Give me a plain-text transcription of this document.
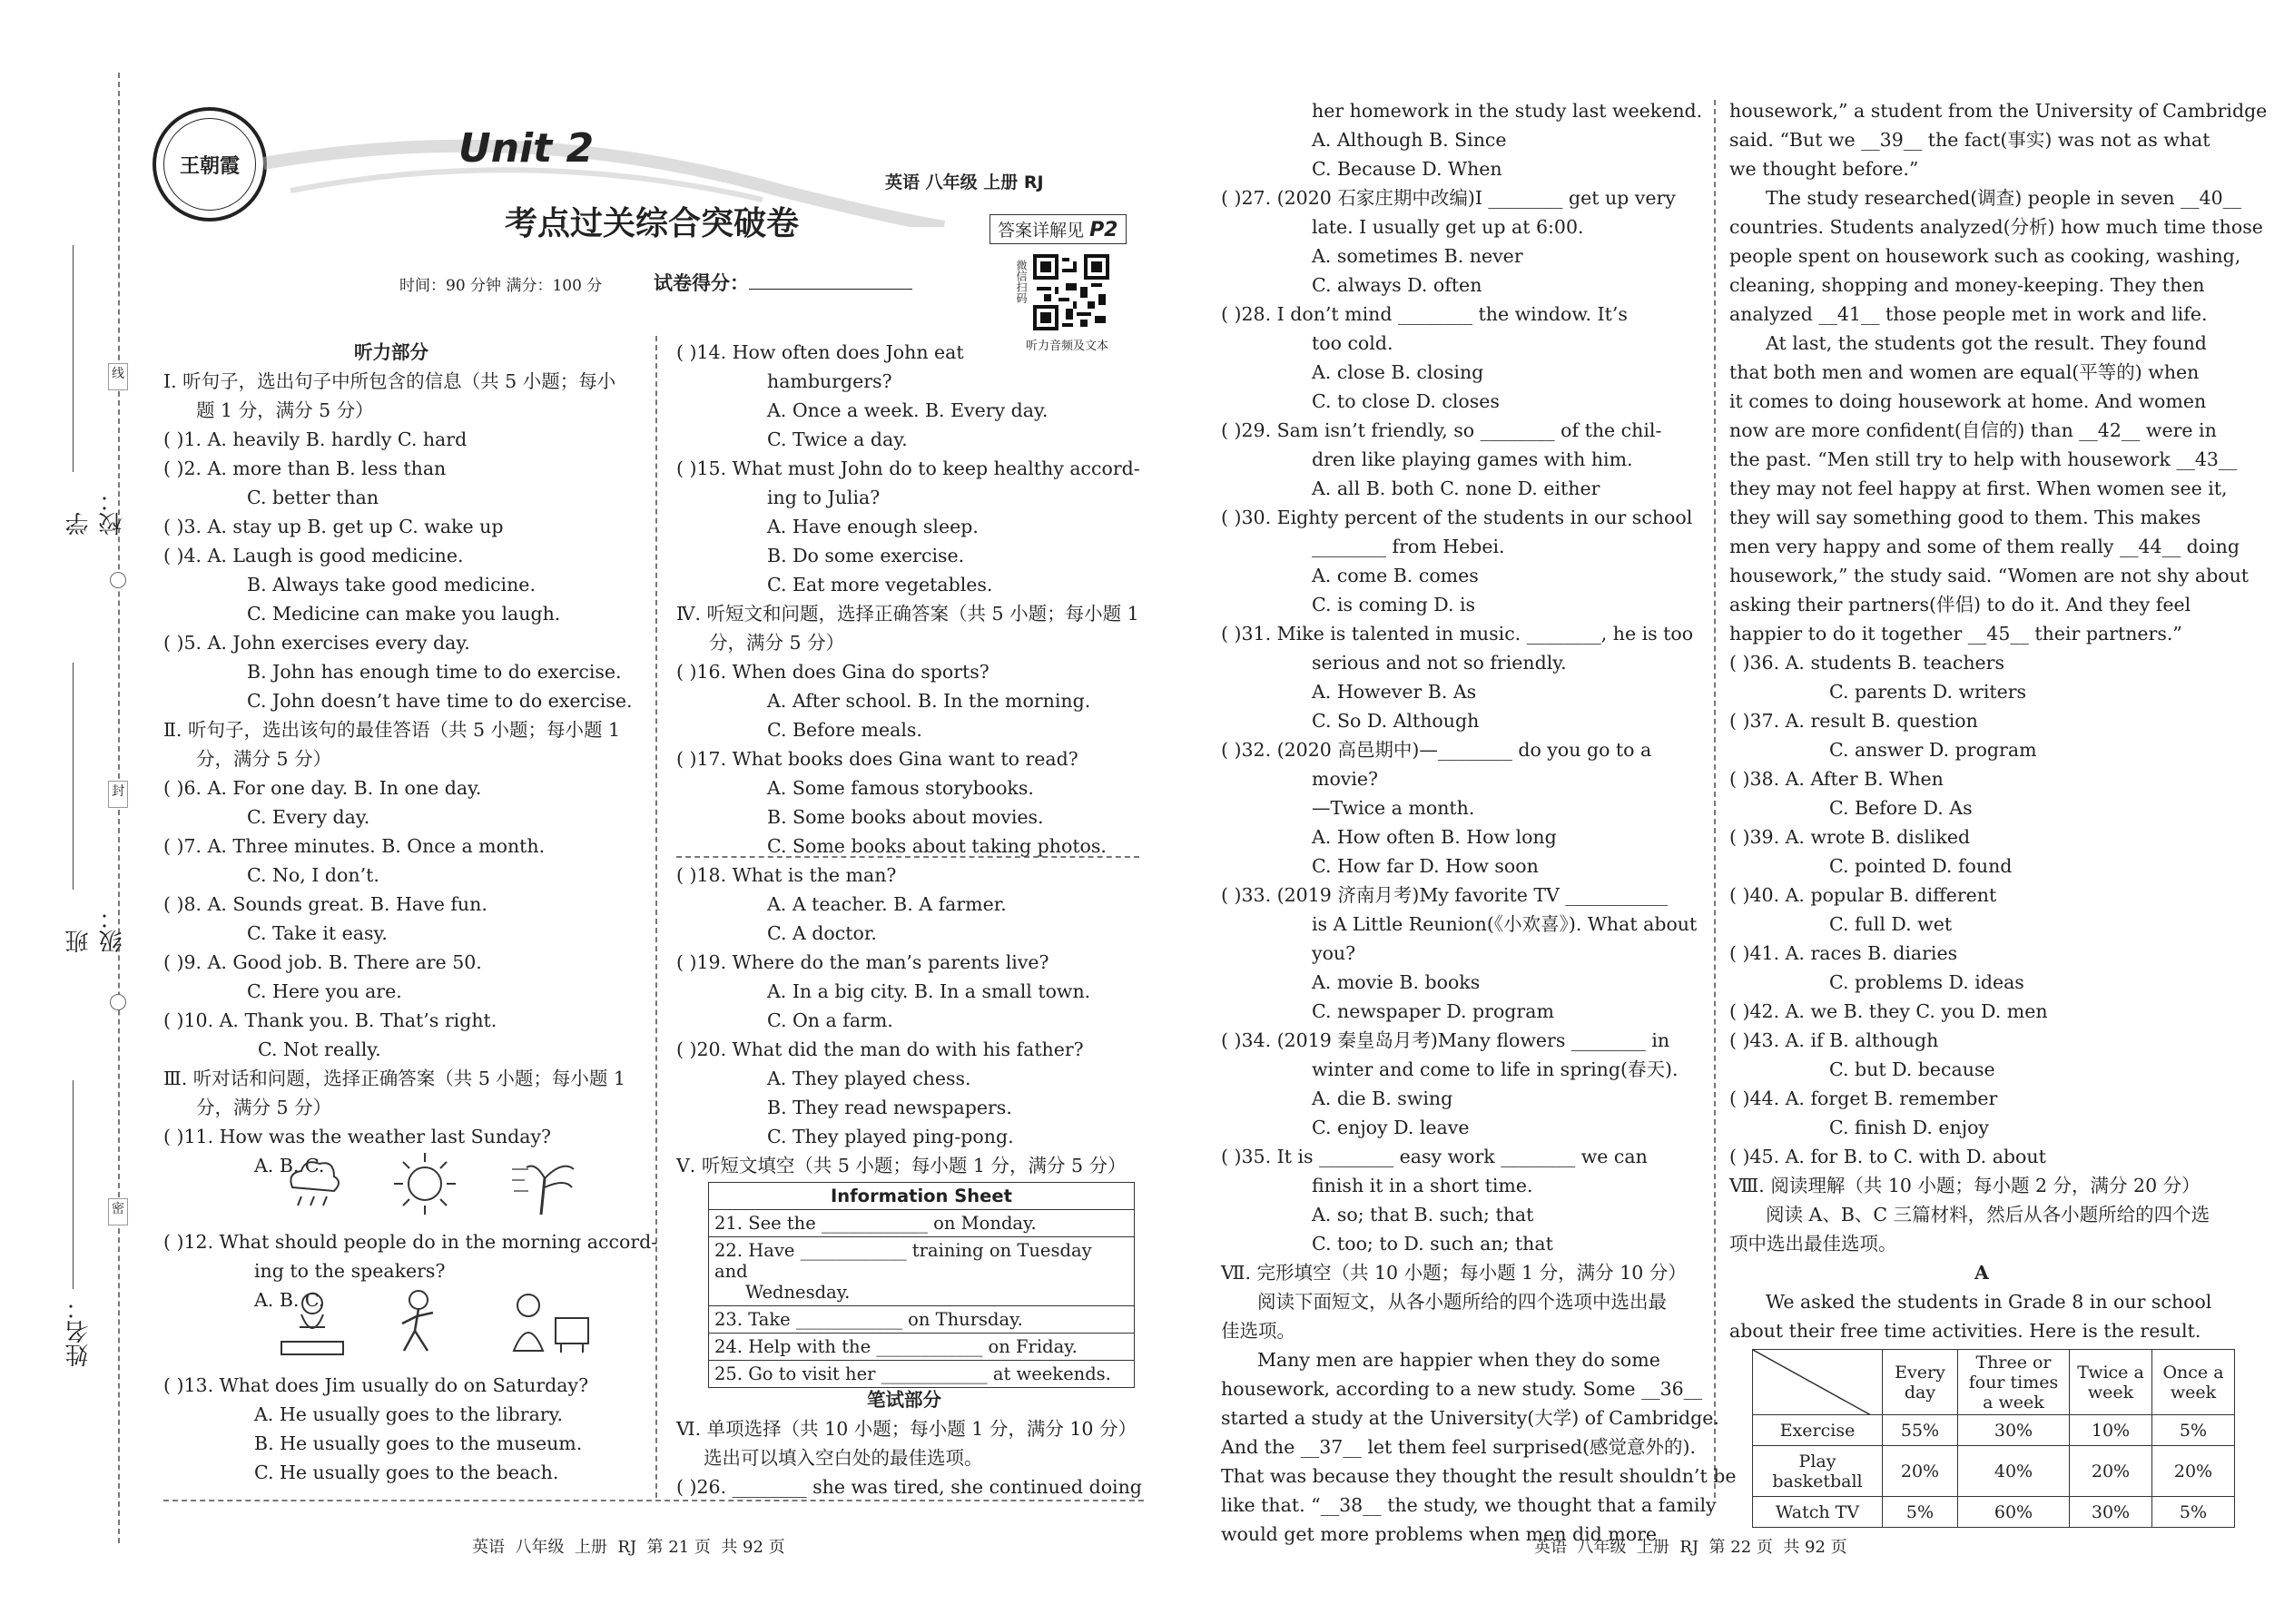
学校：
班级：
姓名：
线
封
密
王朝霞	Unit 2
英语 八年级 上册 RJ
考点过关综合突破卷	答案详解见 P2
时间：90 分钟 满分：100 分	试卷得分：	微信扫码
听力音频及文本
听力部分
Ⅰ. 听句子，选出句子中所包含的信息（共 5 小题；每小
题 1 分，满分 5 分）
( )1. A. heavily B. hardly C. hard
( )2. A. more than B. less than
C. better than
( )3. A. stay up B. get up C. wake up
( )4. A. Laugh is good medicine.
B. Always take good medicine.
C. Medicine can make you laugh.
( )5. A. John exercises every day.
B. John has enough time to do exercise.
C. John doesn’t have time to do exercise.
Ⅱ. 听句子，选出该句的最佳答语（共 5 小题；每小题 1
分，满分 5 分）
( )6. A. For one day. B. In one day.
C. Every day.
( )7. A. Three minutes. B. Once a month.
C. No, I don’t.
( )8. A. Sounds great. B. Have fun.
C. Take it easy.
( )9. A. Good job. B. There are 50.
C. Here you are.
( )10. A. Thank you. B. That’s right.
C. Not really.
Ⅲ. 听对话和问题，选择正确答案（共 5 小题；每小题 1
分，满分 5 分）
( )11. How was the weather last Sunday?
A. B. C.
( )12. What should people do in the morning accord-
ing to the speakers?
A. B. C.
( )13. What does Jim usually do on Saturday?
A. He usually goes to the library.
B. He usually goes to the museum.
C. He usually goes to the beach.
( )14. How often does John eat
hamburgers?
A. Once a week. B. Every day.
C. Twice a day.
( )15. What must John do to keep healthy accord-
ing to Julia?
A. Have enough sleep.
B. Do some exercise.
C. Eat more vegetables.
Ⅳ. 听短文和问题，选择正确答案（共 5 小题；每小题 1
分，满分 5 分）
( )16. When does Gina do sports?
A. After school. B. In the morning.
C. Before meals.
( )17. What books does Gina want to read?
A. Some famous storybooks.
B. Some books about movies.
C. Some books about taking photos.
( )18. What is the man?
A. A teacher. B. A farmer.
C. A doctor.
( )19. Where do the man’s parents live?
A. In a big city. B. In a small town.
C. On a farm.
( )20. What did the man do with his father?
A. They played chess.
B. They read newspapers.
C. They played ping-pong.
Ⅴ. 听短文填空（共 5 小题；每小题 1 分，满分 5 分）
Information Sheet
21. See the ____________ on Monday.

22. Have ____________ training on Tuesday and
Wednesday.

23. Take ____________ on Thursday.
24. Help with the ____________ on Friday.
25. Go to visit her ____________ at weekends.
笔试部分
Ⅵ. 单项选择（共 10 小题；每小题 1 分，满分 10 分）
选出可以填入空白处的最佳选项。
( )26. ________ she was tired, she continued doing
her homework in the study last weekend.
A. Although B. Since
C. Because D. When
( )27. (2020 石家庄期中改编)I ________ get up very
late. I usually get up at 6:00.
A. sometimes B. never
C. always D. often
( )28. I don’t mind ________ the window. It’s
too cold.
A. close B. closing
C. to close D. closes
( )29. Sam isn’t friendly, so ________ of the chil-
dren like playing games with him.
A. all B. both C. none D. either
( )30. Eighty percent of the students in our school
________ from Hebei.
A. come B. comes
C. is coming D. is
( )31. Mike is talented in music. ________, he is too
serious and not so friendly.
A. However B. As
C. So D. Although
( )32. (2020 高邑期中)—________ do you go to a
movie?
—Twice a month.
A. How often B. How long
C. How far D. How soon
( )33. (2019 济南月考)My favorite TV ___________
is A Little Reunion(《小欢喜》). What about
you?
A. movie B. books
C. newspaper D. program
( )34. (2019 秦皇岛月考)Many flowers ________ in
winter and come to life in spring(春天).
A. die B. swing
C. enjoy D. leave
( )35. It is ________ easy work ________ we can
finish it in a short time.
A. so; that B. such; that
C. too; to D. such an; that
Ⅶ. 完形填空（共 10 小题；每小题 1 分，满分 10 分）
阅读下面短文，从各小题所给的四个选项中选出最
佳选项。
Many men are happier when they do some
housework, according to a new study. Some __36__
started a study at the University(大学) of Cambridge.
And the __37__ let them feel surprised(感觉意外的).
That was because they thought the result shouldn’t be
like that. “__38__ the study, we thought that a family
would get more problems when men did more
housework,” a student from the University of Cambridge
said. “But we __39__ the fact(事实) was not as what
we thought before.”
The study researched(调查) people in seven __40__
countries. Students analyzed(分析) how much time those
people spent on housework such as cooking, washing,
cleaning, shopping and money-keeping. They then
analyzed __41__ those people met in work and life.
At last, the students got the result. They found
that both men and women are equal(平等的) when
it comes to doing housework at home. And women
now are more confident(自信的) than __42__ were in
the past. “Men still try to help with housework __43__
they may not feel happy at first. When women see it,
they will say something good to them. This makes
men very happy and some of them really __44__ doing
housework,” the study said. “Women are not shy about
asking their partners(伴侣) to do it. And they feel
happier to do it together __45__ their partners.”
( )36. A. students B. teachers
C. parents D. writers
( )37. A. result B. question
C. answer D. program
( )38. A. After B. When
C. Before D. As
( )39. A. wrote B. disliked
C. pointed D. found
( )40. A. popular B. different
C. full D. wet
( )41. A. races B. diaries
C. problems D. ideas
( )42. A. we B. they C. you D. men
( )43. A. if B. although
C. but D. because
( )44. A. forget B. remember
C. finish D. enjoy
( )45. A. for B. to C. with D. about
Ⅷ. 阅读理解（共 10 小题；每小题 2 分，满分 20 分）
阅读 A、B、C 三篇材料，然后从各小题所给的四个选
项中选出最佳选项。
A
We asked the students in Grade 8 in our school
about their free time activities. Here is the result.
	Every day	Three or four times a week	Twice a week	Once a week
Exercise	55%	30%	10%	5%
Play basketball	20%	40%	20%	20%
Watch TV	5%	60%	30%	5%
英语  八年级  上册  RJ  第 21 页  共 92 页	英语  八年级  上册  RJ  第 22 页  共 92 页
